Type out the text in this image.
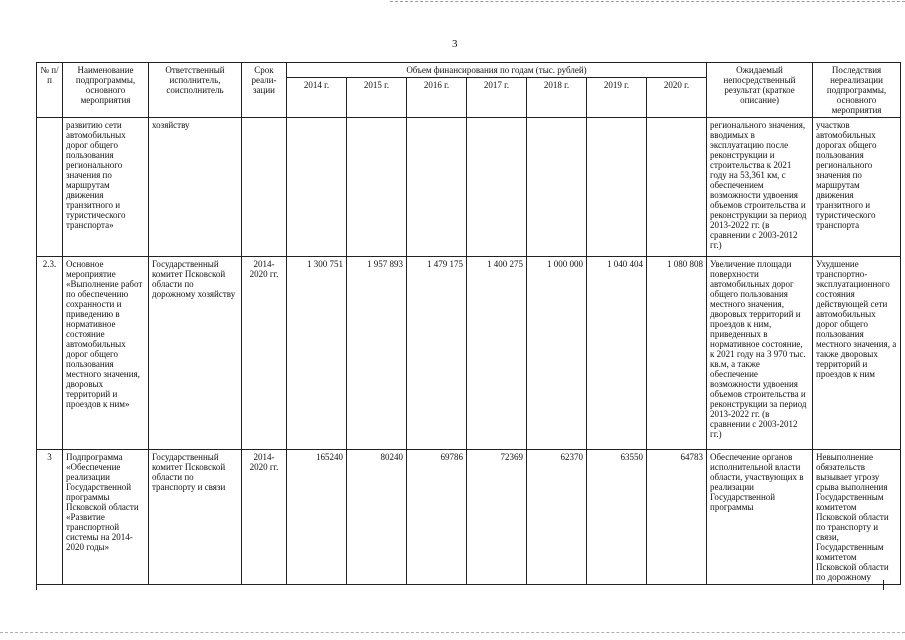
3
№ п/п	Наименование подпрограммы, основного мероприятия	Ответственный исполнитель, соисполнитель	Срок реали-зации	Объем финансирования по годам (тыс. рублей)							Ожидаемый непосредственный результат (краткое описание)	Последствия нереализации подпрограммы, основного мероприятия
				2014 г.	2015 г.	2016 г.	2017 г.	2018 г.	2019 г.	2020 г.		
	развитию сети автомобильных дорог общего пользования регионального значения по маршрутам движения транзитного и туристического транспорта»	хозяйству									регионального значения, вводимых в эксплуатацию после реконструкции и строительства к 2021 году на 53,361 км, с обеспечением возможности удвоения объемов строительства и реконструкции за период 2013-2022 гг. (в сравнении с 2003-2012 гг.)	участков автомобильных дорогах общего пользования регионального значения по маршрутам движения транзитного и туристического транспорта
2.3.	Основное мероприятие «Выполнение работ по обеспечению сохранности и приведению в нормативное состояние автомобильных дорог общего пользования местного значения, дворовых территорий и проездов к ним»	Государственный комитет Псковской области по дорожному хозяйству	2014-2020 гг.	1 300 751	1 957 893	1 479 175	1 400 275	1 000 000	1 040 404	1 080 808	Увеличение площади поверхности автомобильных дорог общего пользования местного значения, дворовых территорий и проездов к ним, приведенных в нормативное состояние, к 2021 году на 3 970 тыс. кв.м, а также обеспечение возможности удвоения объемов строительства и реконструкции за период 2013-2022 гг. (в сравнении с 2003-2012 гг.)	Ухудшение транспортно-эксплуатационного состояния действующей сети автомобильных дорог общего пользования местного значения, а также дворовых территорий и проездов к ним
3	Подпрограмма «Обеспечение реализации Государственной программы Псковской области «Развитие транспортной системы на 2014-2020 годы»	Государственный комитет Псковской области по транспорту и связи	2014-2020 гг.	165240	80240	69786	72369	62370	63550	64783	Обеспечение органов исполнительной власти области, участвующих в реализации Государственной программы	Невыполнение обязательств вызывает угрозу срыва выполнения Государственным комитетом Псковской области по транспорту и связи, Государственным комитетом Псковской области по дорожному
